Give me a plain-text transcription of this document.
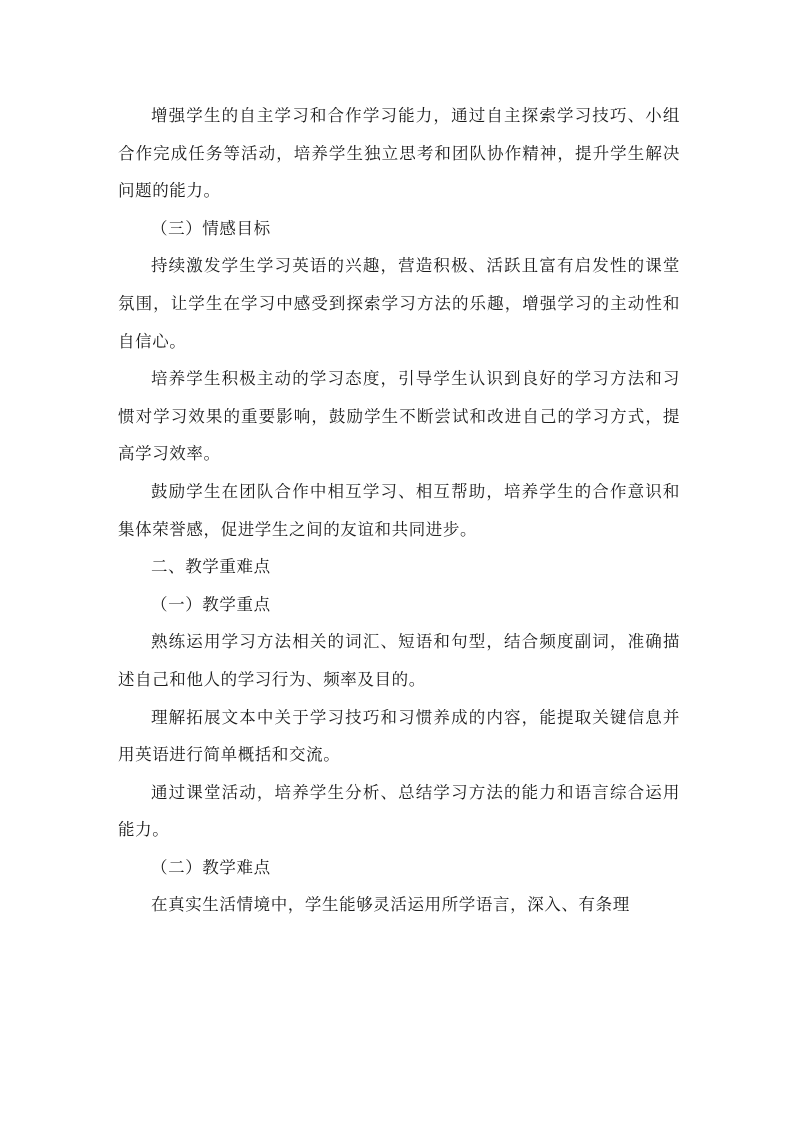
增强学生的自主学习和合作学习能力，通过自主探索学习技巧、小组合作完成任务等活动，培养学生独立思考和团队协作精神，提升学生解决问题的能力。

（三）情感目标

持续激发学生学习英语的兴趣，营造积极、活跃且富有启发性的课堂氛围，让学生在学习中感受到探索学习方法的乐趣，增强学习的主动性和自信心。

培养学生积极主动的学习态度，引导学生认识到良好的学习方法和习惯对学习效果的重要影响，鼓励学生不断尝试和改进自己的学习方式，提高学习效率。

鼓励学生在团队合作中相互学习、相互帮助，培养学生的合作意识和集体荣誉感，促进学生之间的友谊和共同进步。

二、教学重难点

（一）教学重点

熟练运用学习方法相关的词汇、短语和句型，结合频度副词，准确描述自己和他人的学习行为、频率及目的。

理解拓展文本中关于学习技巧和习惯养成的内容，能提取关键信息并用英语进行简单概括和交流。

通过课堂活动，培养学生分析、总结学习方法的能力和语言综合运用能力。

（二）教学难点

在真实生活情境中，学生能够灵活运用所学语言，深入、有条理
